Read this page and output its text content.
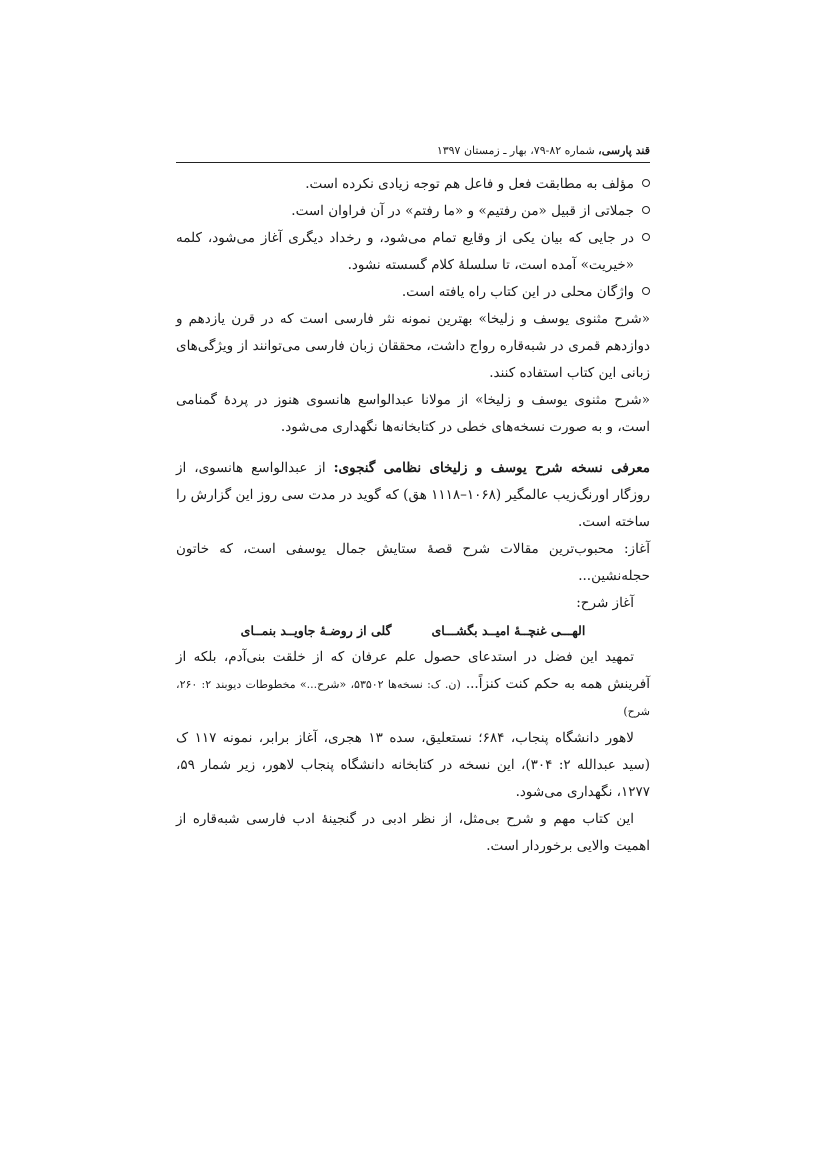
قند پارسی، شماره ۸۲-۷۹، بهار ـ زمستان ۱۳۹۷
مؤلف به مطابقت فعل و فاعل هم توجه زیادی نکرده است.
جملاتی از قبیل «من رفتیم» و «ما رفتم» در آن فراوان است.
در جایی که بیان یکی از وقایع تمام می‌شود، و رخداد دیگری آغاز می‌شود، کلمه «خیریت» آمده است، تا سلسلهٔ کلام گسسته نشود.
واژگان محلی در این کتاب راه یافته است.

«شرح مثنوی یوسف و زلیخا» بهترین نمونه نثر فارسی است که در قرن یازدهم و دوازدهم قمری در شبه‌قاره رواج داشت، محققان زبان فارسی می‌توانند از ویژگی‌های زبانی این کتاب استفاده کنند.

«شرح مثنوی یوسف و زلیخا» از مولانا عبدالواسع هانسوی هنوز در پردهٔ گمنامی است، و به صورت نسخه‌های خطی در کتابخانه‌ها نگهداری می‌شود.

معرفی نسخه شرح یوسف و زلیخای نظامی گنجوی: از عبدالواسع هانسوی، از روزگار اورنگ‌زیب عالمگیر (۱۰۶۸–۱۱۱۸ هق) که گوید در مدت سی روز این گزارش را ساخته است.

آغاز: محبوب‌ترین مقالات شرح قصهٔ ستایش جمال یوسفی است، که خاتون حجله‌نشین...

آغاز شرح:

الهـــی غنچــهٔ امیــد بگشـــای
گلی از روضـهٔ جاویــد بنمــای

تمهید این فضل در استدعای حصول علم عرفان که از خلقت بنی‌آدم، بلکه از آفرینش همه به حکم کنت کنزاً... (ن. ک: نسخه‌ها ۵۳۵۰۲، «شرح...» مخطوطات دیوبند ۲: ۲۶۰، شرح)

لاهور دانشگاه پنجاب، ۶۸۴؛ نستعلیق، سده ۱۳ هجری، آغاز برابر، نمونه ۱۱۷ ک (سید عبدالله ۲: ۳۰۴)، این نسخه در کتابخانه دانشگاه پنجاب لاهور، زیر شمار ۵۹، ۱۲۷۷، نگهداری می‌شود.

این کتاب مهم و شرح بی‌مثل، از نظر ادبی در گنجینهٔ ادب فارسی شبه‌قاره از اهمیت والایی برخوردار است.
